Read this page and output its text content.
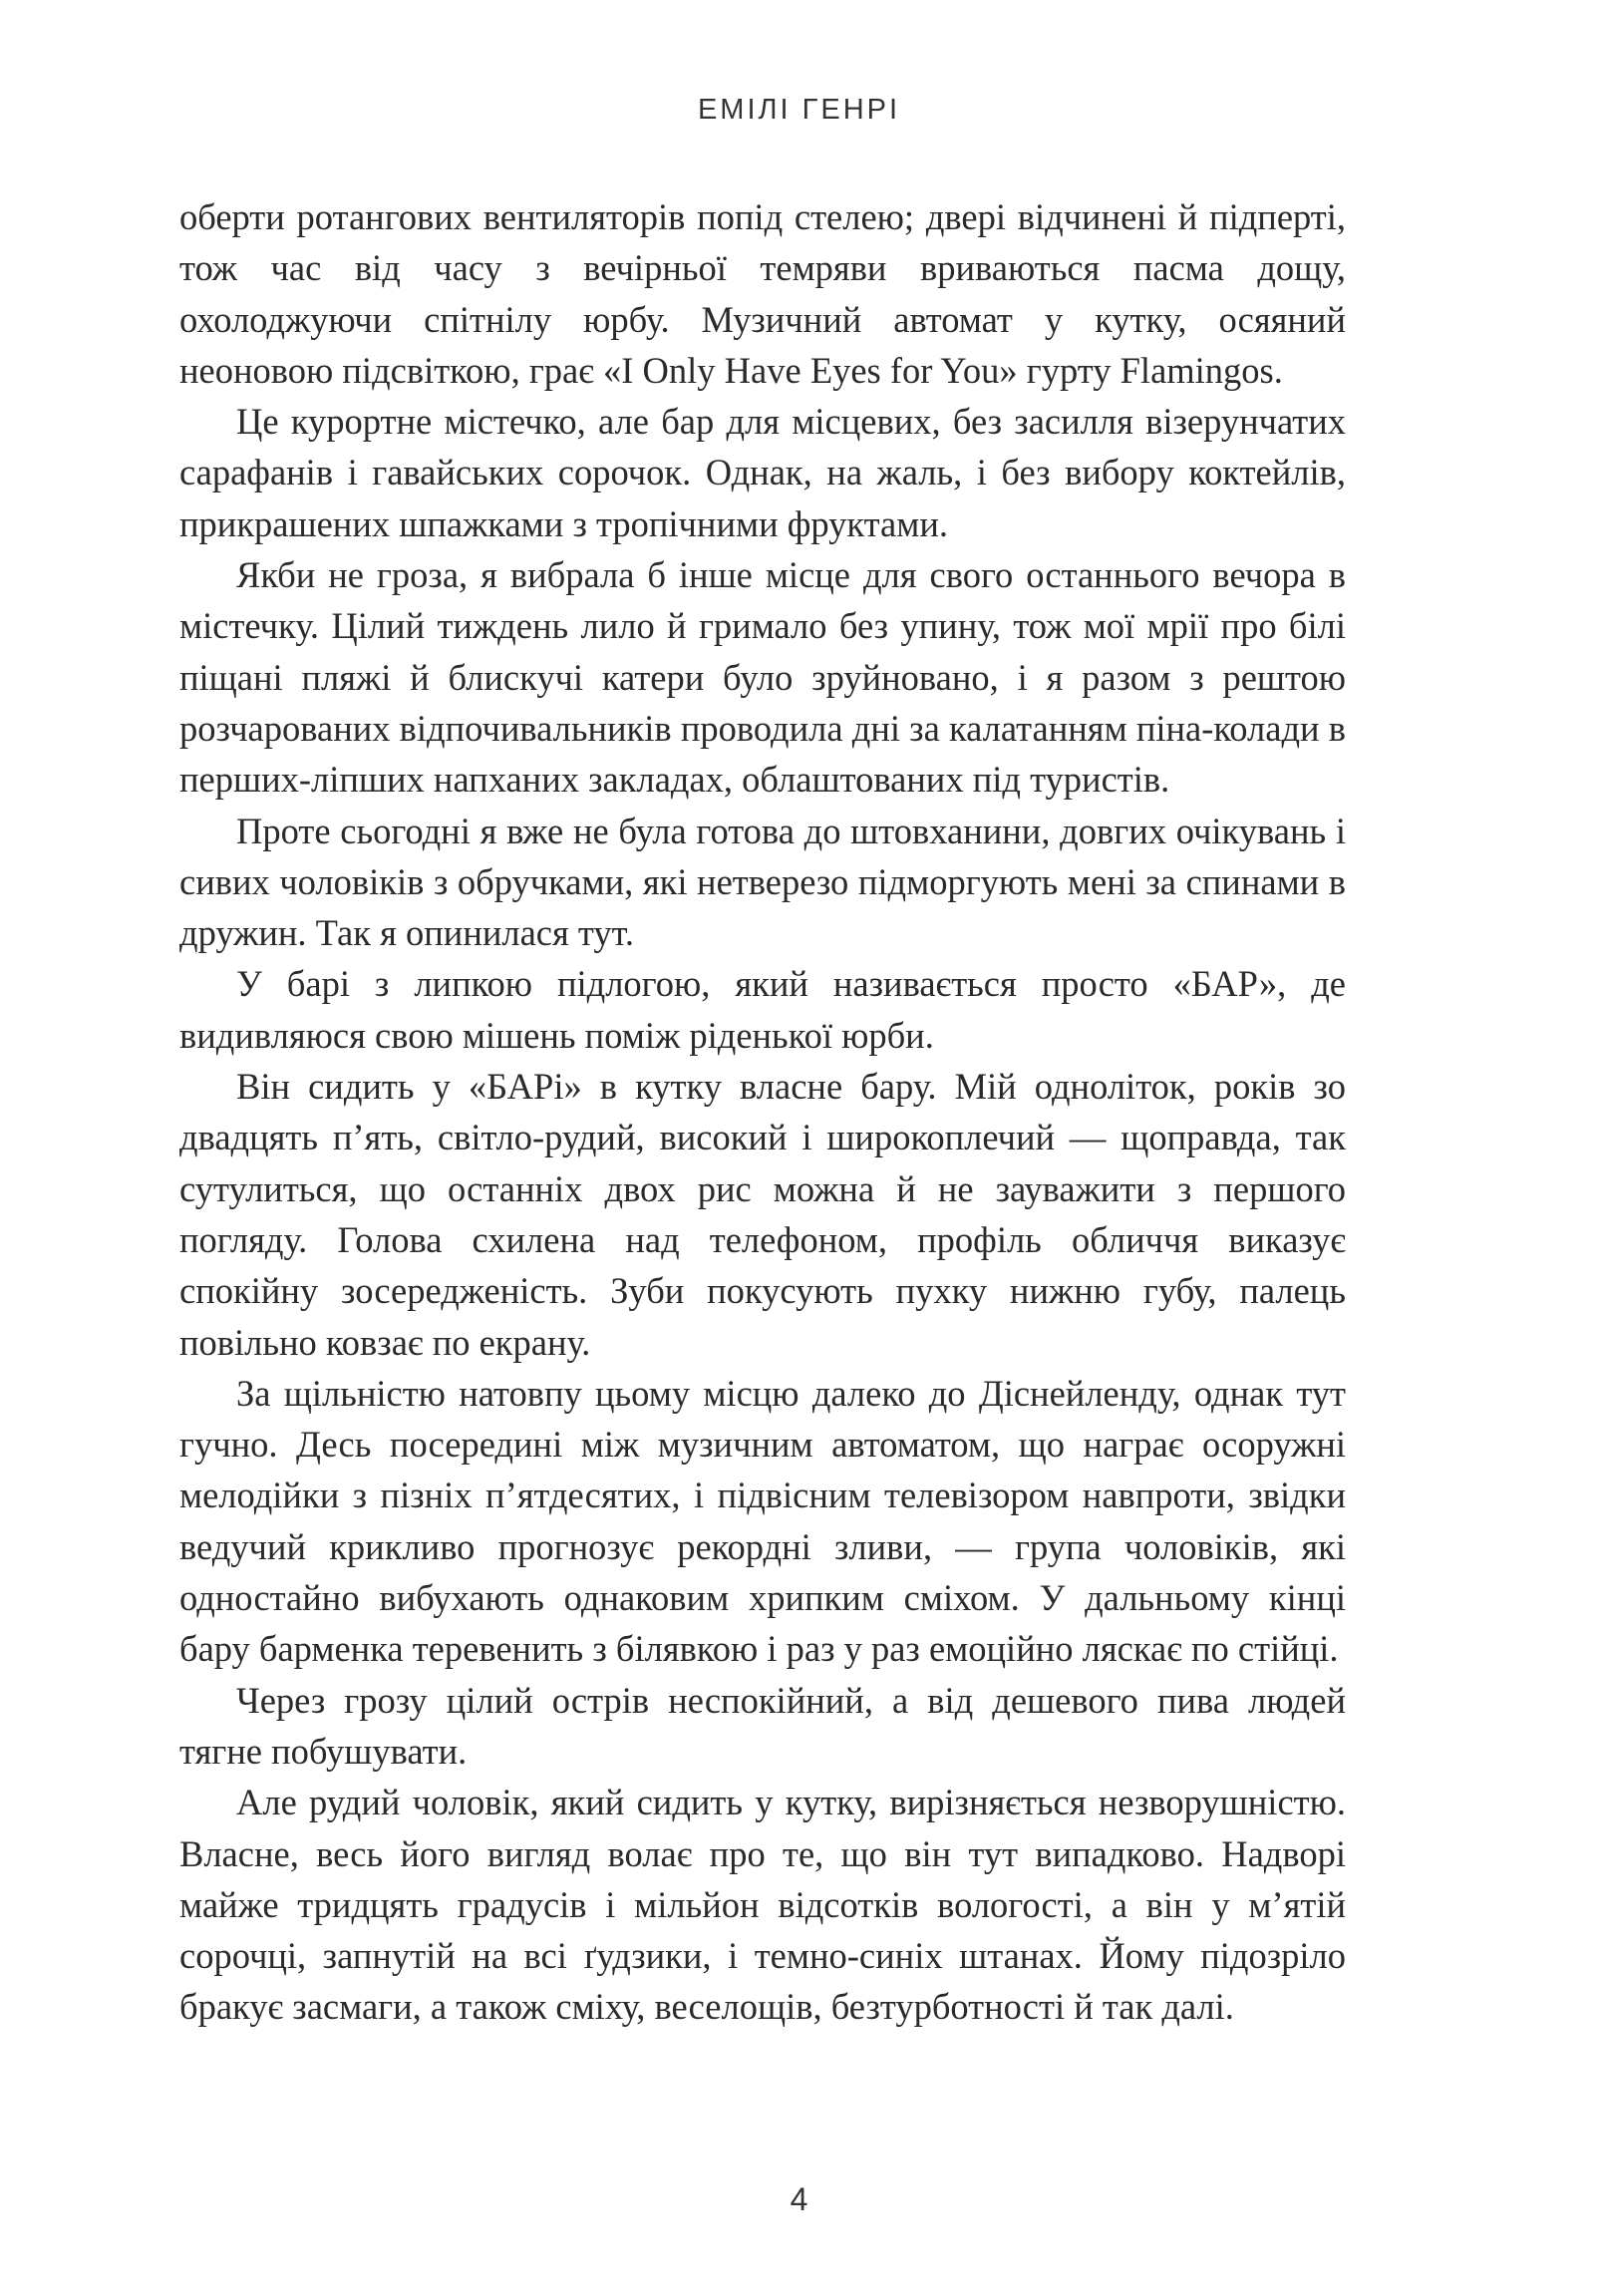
ЕМІЛІ ГЕНРІ

оберти ротангових вентиляторів попід стелею; двері відчинені й підперті, тож час від часу з вечірньої темряви вриваються пасма дощу, охолоджуючи спітнілу юрбу. Музичний автомат у кутку, осяяний неоновою підсвіткою, грає «I Only Have Eyes for You» гурту Flamingos.

Це курортне містечко, але бар для місцевих, без засилля візерунчатих сарафанів і гавайських сорочок. Однак, на жаль, і без вибору коктейлів, прикрашених шпажками з тропічними фруктами.

Якби не гроза, я вибрала б інше місце для свого останнього вечора в містечку. Цілий тиждень лило й гримало без упину, тож мої мрії про білі піщані пляжі й блискучі катери було зруйновано, і я разом з рештою розчарованих відпочивальників проводила дні за калатанням піна-колади в перших-ліпших напханих закладах, облаштованих під туристів.

Проте сьогодні я вже не була готова до штовханини, довгих очікувань і сивих чоловіків з обручками, які нетверезо підморгують мені за спинами в дружин. Так я опинилася тут.

У барі з липкою підлогою, який називається просто «БАР», де видивляюся свою мішень поміж ріденької юрби.

Він сидить у «БАРі» в кутку власне бару. Мій одноліток, років зо двадцять п’ять, світло-рудий, високий і широкоплечий — щоправда, так сутулиться, що останніх двох рис можна й не зауважити з першого погляду. Голова схилена над телефоном, профіль обличчя виказує спокійну зосередженість. Зуби покусують пухку нижню губу, палець повільно ковзає по екрану.

За щільністю натовпу цьому місцю далеко до Діснейленду, однак тут гучно. Десь посередині між музичним автоматом, що награє осоружні мелодійки з пізніх п’ятдесятих, і підвісним телевізором навпроти, звідки ведучий крикливо прогнозує рекордні зливи, — група чоловіків, які одностайно вибухають однаковим хрипким сміхом. У дальньому кінці бару барменка теревенить з білявкою і раз у раз емоційно ляскає по стійці.

Через грозу цілий острів неспокійний, а від дешевого пива людей тягне побушувати.

Але рудий чоловік, який сидить у кутку, вирізняється незворушністю. Власне, весь його вигляд волає про те, що він тут випадково. Надворі майже тридцять градусів і мільйон відсотків вологості, а він у м’ятій сорочці, запнутій на всі ґудзики, і темно-синіх штанах. Йому підозріло бракує засмаги, а також сміху, веселощів, безтурботності й так далі.

4
